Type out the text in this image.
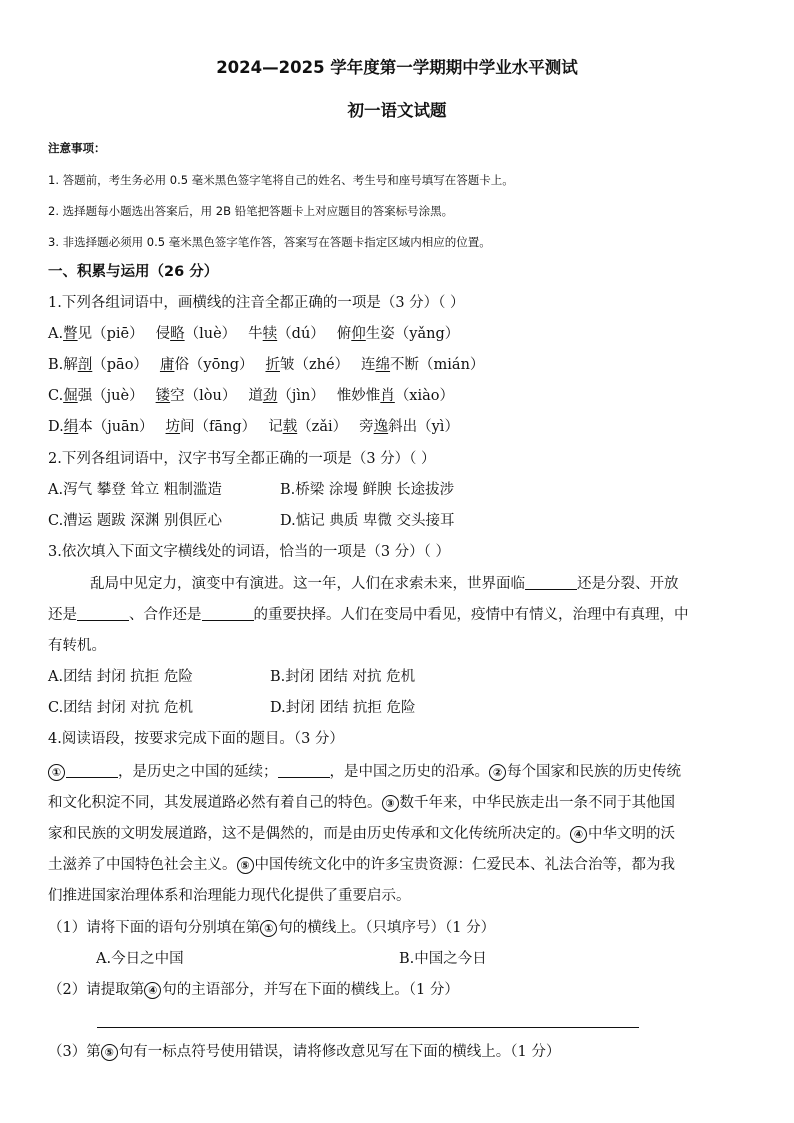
2024—2025 学年度第一学期期中学业水平测试
初一语文试题
注意事项：
1. 答题前，考生务必用 0.5 毫米黑色签字笔将自己的姓名、考生号和座号填写在答题卡上。
2. 选择题每小题选出答案后，用 2B 铅笔把答题卡上对应题目的答案标号涂黑。
3. 非选择题必须用 0.5 毫米黑色签字笔作答，答案写在答题卡指定区域内相应的位置。
一、积累与运用（26 分）
1.下列各组词语中，画横线的注音全都正确的一项是（3 分）（ ）
A.瞥见（piē） 侵略（luè） 牛犊（dú） 俯仰生姿（yǎng）
B.解剖（pāo） 庸俗（yōng） 折皱（zhé） 连绵不断（mián）
C.倔强（juè） 镂空（lòu） 道劲（jìn） 惟妙惟肖（xiào）
D.绢本（juān） 坊间（fāng） 记载（zǎi） 旁逸斜出（yì）
2.下列各组词语中，汉字书写全都正确的一项是（3 分）（ ）
A.泻气 攀登 耸立 粗制滥造	B.桥梁 涂墁 鲜腴 长途拔涉
C.漕运 题跋 深渊 别俱匠心	D.惦记 典质 卑微 交头接耳
3.依次填入下面文字横线处的词语，恰当的一项是（3 分）（ ）
乱局中见定力，演变中有演进。这一年，人们在求索未来，世界面临	还是分裂、开放
还是	、合作还是	的重要抉择。人们在变局中看见，疫情中有情义，治理中有真理，中
有转机。
A.团结 封闭 抗拒 危险	B.封闭 团结 对抗 危机
C.团结 封闭 对抗 危机	D.封闭 团结 抗拒 危险
4.阅读语段，按要求完成下面的题目。（3 分）
①	，是历史之中国的延续；	，是中国之历史的沿承。 ② 每个国家和民族的历史传统
和文化积淀不同，其发展道路必然有着自己的特色。 ③ 数千年来，中华民族走出一条不同于其他国
家和民族的文明发展道路，这不是偶然的，而是由历史传承和文化传统所决定的。 ④ 中华文明的沃
土滋养了中国特色社会主义。 ⑤ 中国传统文化中的许多宝贵资源：仁爱民本、礼法合治等，都为我
们推进国家治理体系和治理能力现代化提供了重要启示。
（1）请将下面的语句分别填在第 ① 句的横线上。（只填序号）（1 分）
A.今日之中国	B.中国之今日
（2）请提取第 ④ 句的主语部分，并写在下面的横线上。（1 分）
（3）第 ⑤ 句有一标点符号使用错误，请将修改意见写在下面的横线上。（1 分）
